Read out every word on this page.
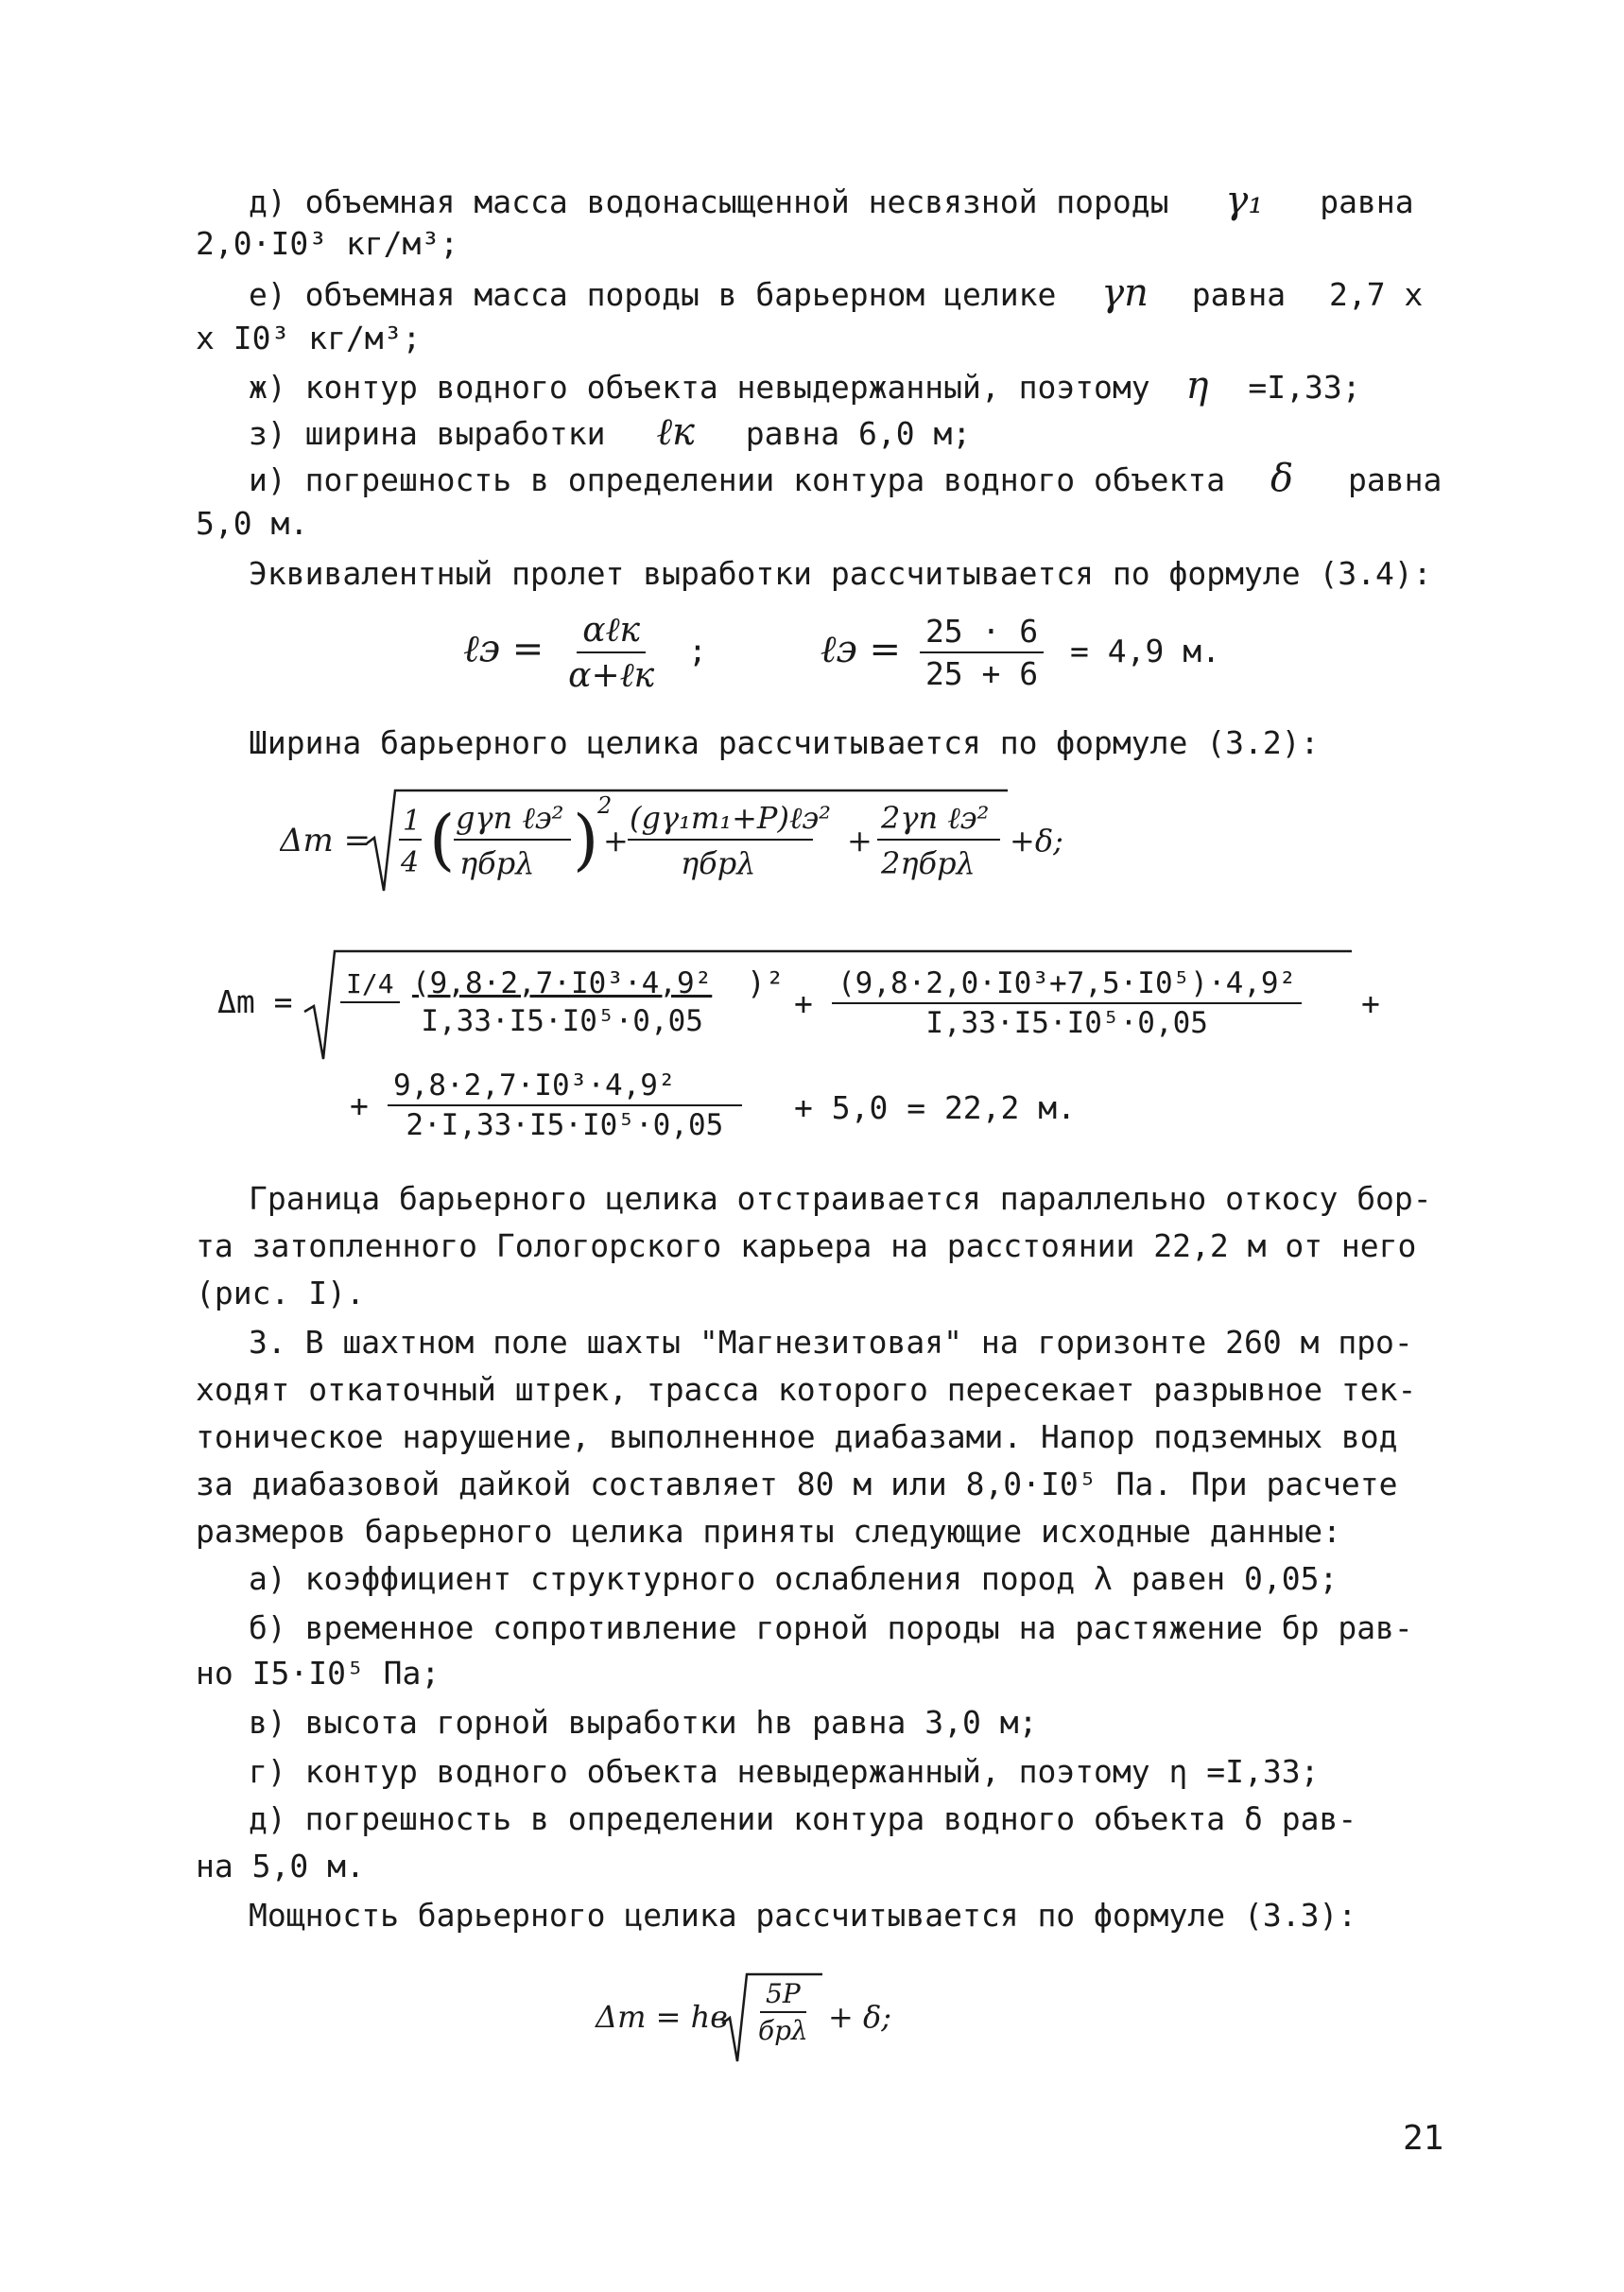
д) объемная масса водонасыщенной несвязной породы γ₁ равна
2,0·I0³ кг/м³;
е) объемная масса породы в барьерном целике γп равна 2,7 х
х I0³ кг/м³;
ж) контур водного объекта невыдержанный, поэтому η =I,33;
з) ширина выработки ℓк равна 6,0 м;
и) погрешность в определении контура водного объекта δ равна
5,0 м.
Эквивалентный пролет выработки рассчитывается по формуле (3.4):
ℓэ = $\frac{\text{αℓк}}{\text{α+ℓк}}$ ;	ℓэ = $\frac{25 \cdot 6}{25 + 6} = 4,9$ м.
Ширина барьерного целика рассчитывается по формуле (3.2):
Δm =
1
4 ( gγп ℓэ²
ηбрλ )
2
+
(gγ₁m₁+P)ℓэ²
ηбрλ
+
2γп ℓэ²
2ηбрλ
+δ;
$\Delta m = I/4 \frac{\text{(9,8·2,7·I0³·4,9²}}{\text{I,33·I5·I0⁵·0,05}} )^2$
+ $\frac{\text{(9,8·2,0·I0³+7,5·I0⁵)·4,9²}}{\text{I,33·I5·I0⁵·0,05}}$ +
+ $\frac{\text{9,8·2,7·I0³·4,9²}}{\text{2·I,33·I5·I0⁵·0,05}} + 5,0 = 22,2$ м.
Граница барьерного целика отстраивается параллельно откосу бор-
та затопленного Гологорского карьера на расстоянии 22,2 м от него
(рис. I).
3. В шахтном поле шахты "Магнезитовая" на горизонте 260 м про-
ходят откаточный штрек, трасса которого пересекает разрывное тек-
тоническое нарушение, выполненное диабазами. Напор подземных вод
за диабазовой дайкой составляет 80 м или 8,0·I0⁵ Па. При расчете
размеров барьерного целика приняты следующие исходные данные:
а) коэффициент структурного ослабления пород λ равен 0,05;
б) временное сопротивление горной породы на растяжение бр рав-
но I5·I0⁵ Па;
в) высота горной выработки hв равна 3,0 м;
г) контур водного объекта невыдержанный, поэтому η =I,33;
д) погрешность в определении контура водного объекта δ рав-
на 5,0 м.
Мощность барьерного целика рассчитывается по формуле (3.3):
Δm = hв
5P
брλ + δ;
21
